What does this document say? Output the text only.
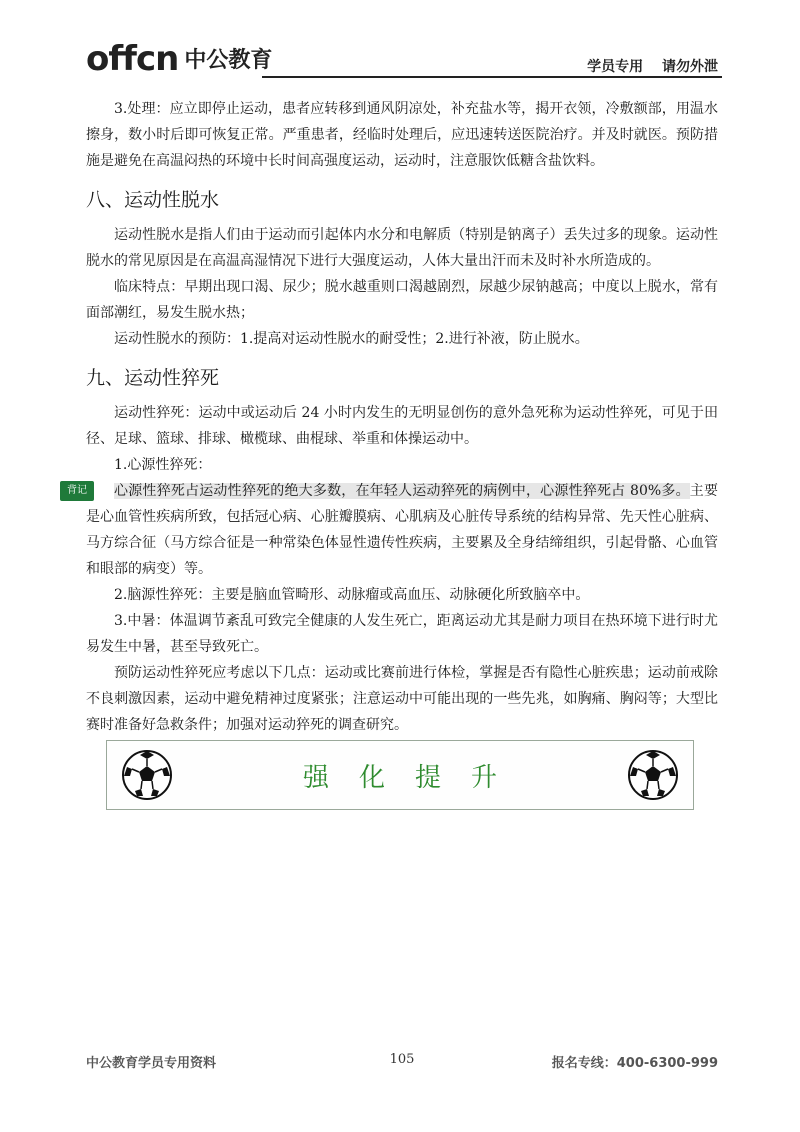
offcn 中公教育	学员专用 请勿外泄

3.处理：应立即停止运动，患者应转移到通风阴凉处，补充盐水等，揭开衣领，冷敷额部，用温水擦身，数小时后即可恢复正常。严重患者，经临时处理后，应迅速转送医院治疗。并及时就医。预防措施是避免在高温闷热的环境中长时间高强度运动，运动时，注意服饮低糖含盐饮料。

八、运动性脱水

运动性脱水是指人们由于运动而引起体内水分和电解质（特别是钠离子）丢失过多的现象。运动性脱水的常见原因是在高温高湿情况下进行大强度运动，人体大量出汗而未及时补水所造成的。

临床特点：早期出现口渴、尿少；脱水越重则口渴越剧烈，尿越少尿钠越高；中度以上脱水，常有面部潮红，易发生脱水热；

运动性脱水的预防：1.提高对运动性脱水的耐受性；2.进行补液，防止脱水。

九、运动性猝死

运动性猝死：运动中或运动后 24 小时内发生的无明显创伤的意外急死称为运动性猝死，可见于田径、足球、篮球、排球、橄榄球、曲棍球、举重和体操运动中。

1.心源性猝死：

背记	心源性猝死占运动性猝死的绝大多数，在年轻人运动猝死的病例中，心源性猝死占 80%多。主要是心血管性疾病所致，包括冠心病、心脏瓣膜病、心肌病及心脏传导系统的结构异常、先天性心脏病、马方综合征（马方综合征是一种常染色体显性遗传性疾病，主要累及全身结缔组织，引起骨骼、心血管和眼部的病变）等。

2.脑源性猝死：主要是脑血管畸形、动脉瘤或高血压、动脉硬化所致脑卒中。

3.中暑：体温调节紊乱可致完全健康的人发生死亡，距离运动尤其是耐力项目在热环境下进行时尤易发生中暑，甚至导致死亡。

预防运动性猝死应考虑以下几点：运动或比赛前进行体检，掌握是否有隐性心脏疾患；运动前戒除不良刺激因素，运动中避免精神过度紧张；注意运动中可能出现的一些先兆，如胸痛、胸闷等；大型比赛时准备好急救条件；加强对运动猝死的调查研究。

强化提升
中公教育学员专用资料	105	报名专线：400-6300-999
